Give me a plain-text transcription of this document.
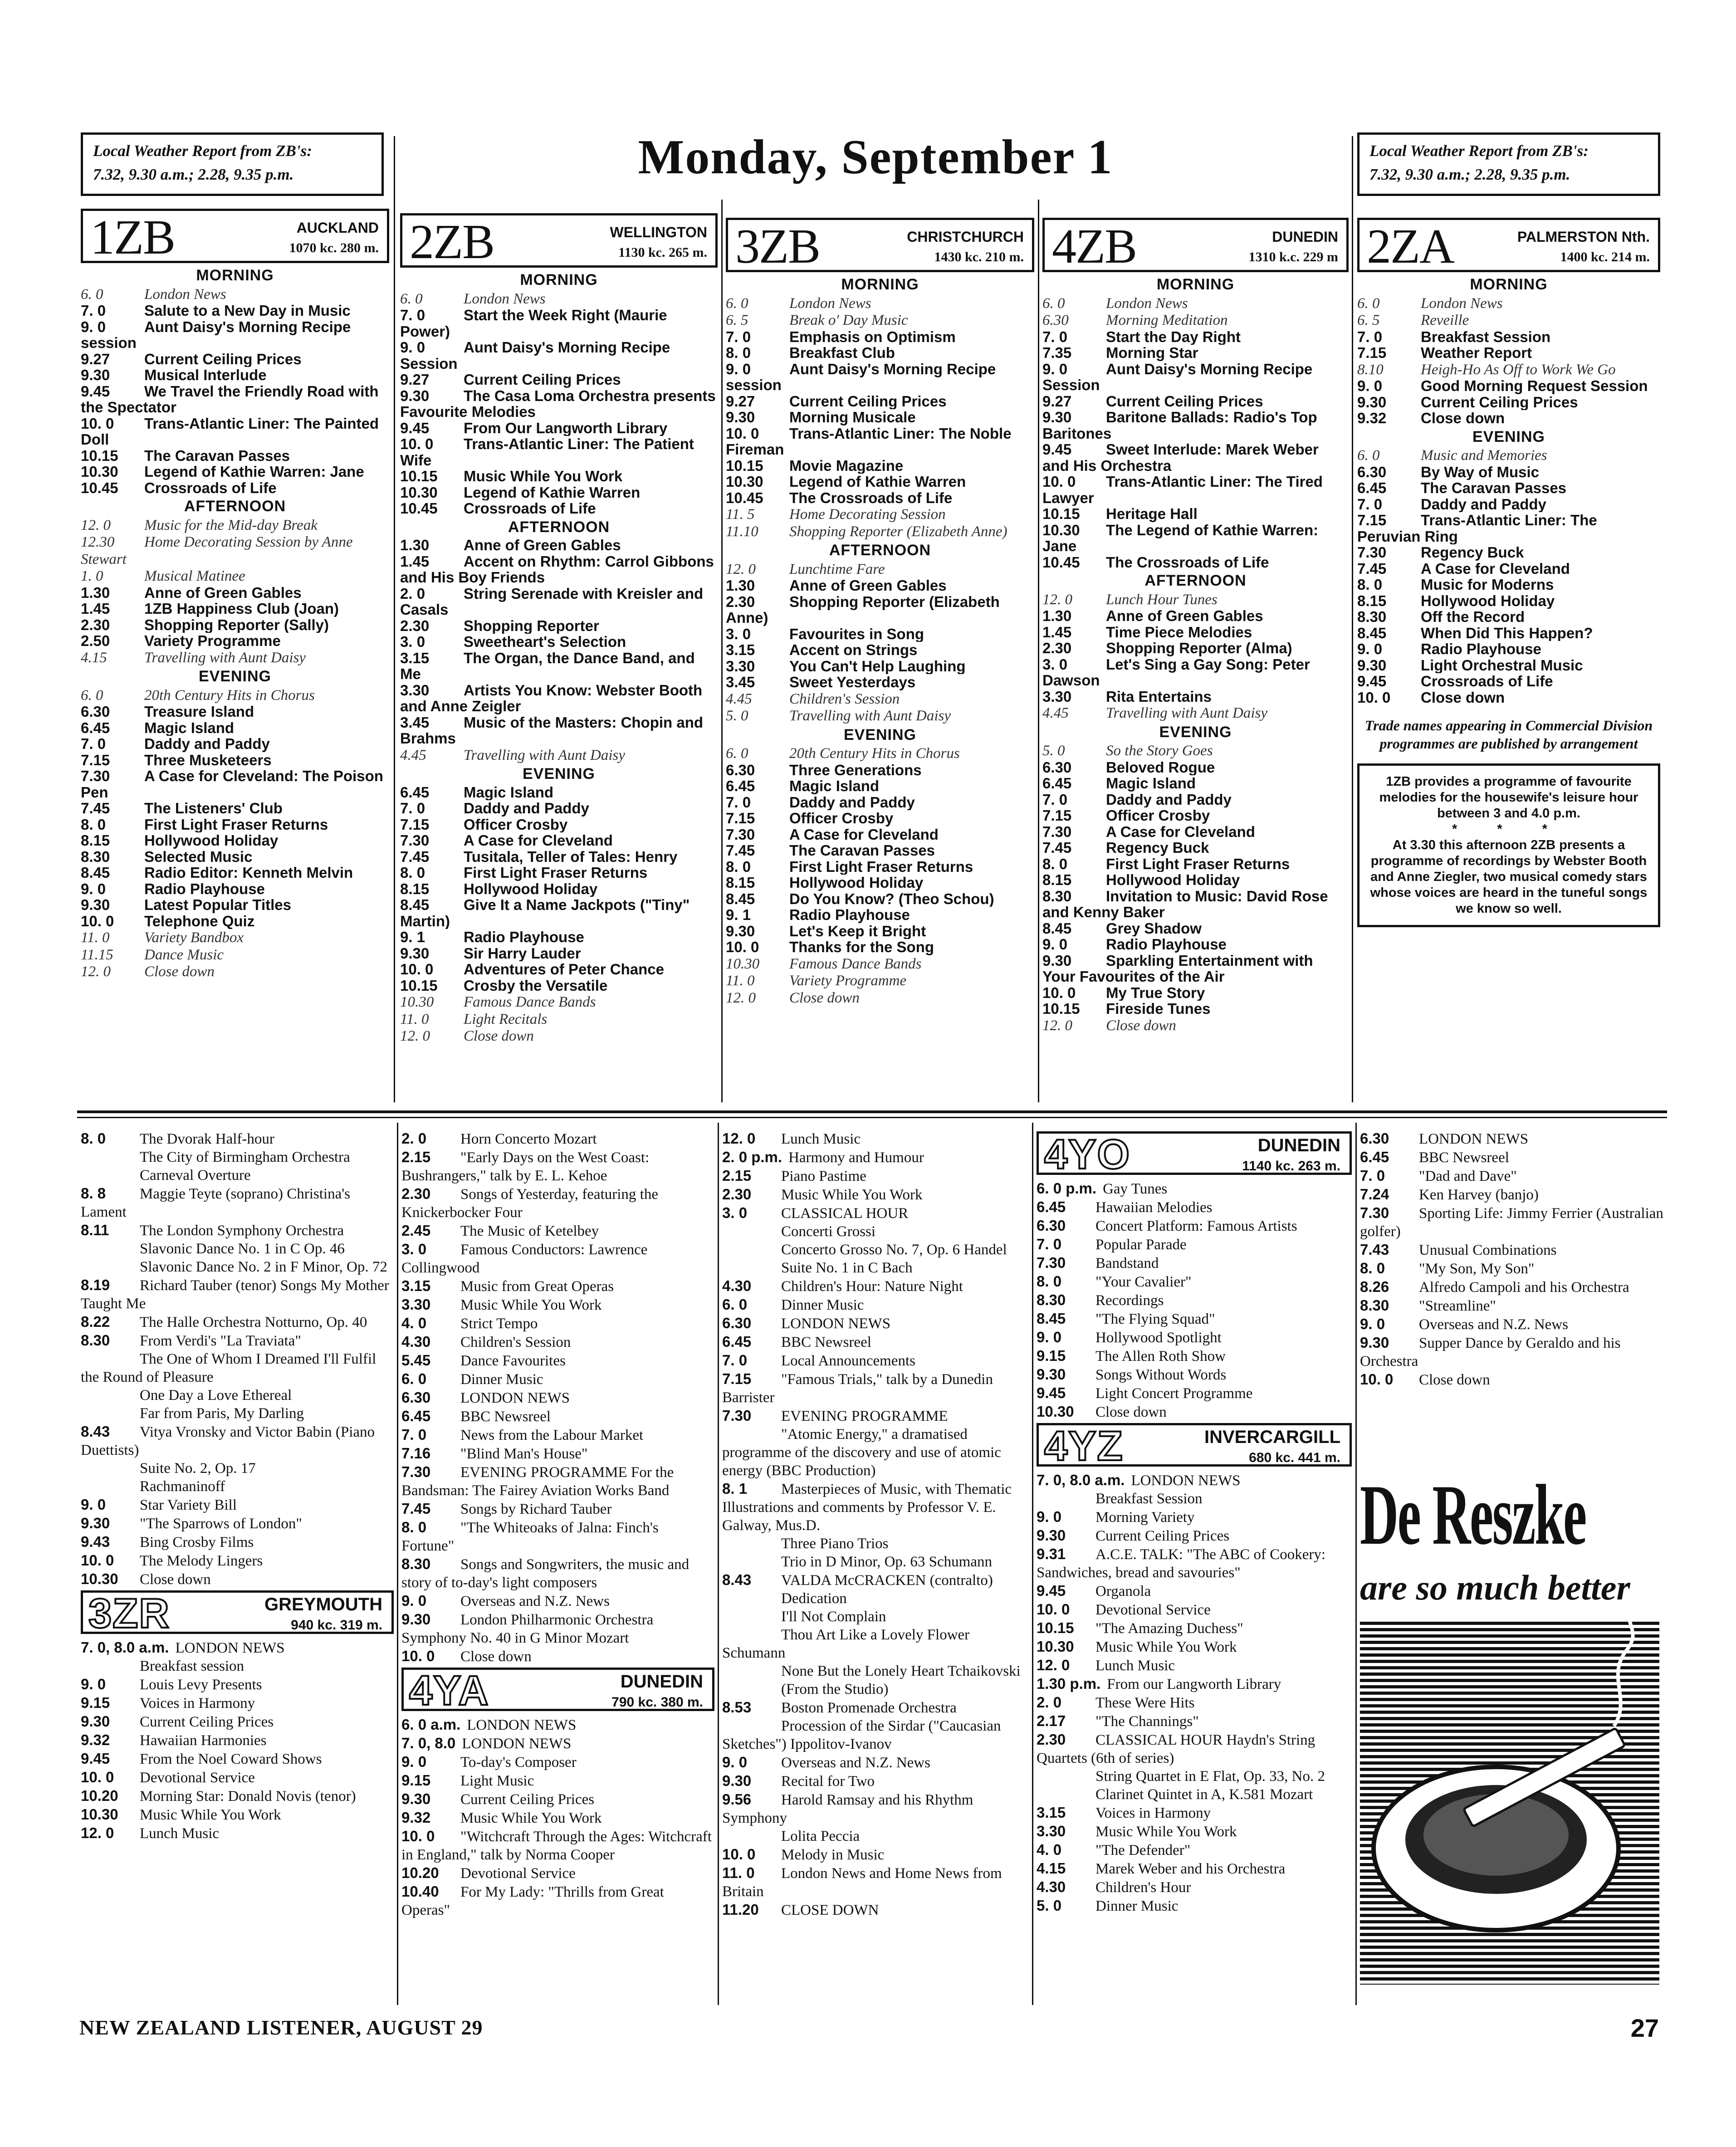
Local Weather Report from ZB's:
7.32, 9.30 a.m.; 2.28, 9.35 p.m.	Monday, September 1	Local Weather Report from ZB's:
7.32, 9.30 a.m.; 2.28, 9.35 p.m.
1ZB	AUCKLAND
1070 kc. 280 m.
MORNING
6. 0	London News
7. 0	Salute to a New Day in Music
9. 0	Aunt Daisy's Morning Recipe session
9.27 Current Ceiling Prices
9.30 Musical Interlude
9.45 We Travel the Friendly Road with the Spectator
10. 0 Trans-Atlantic Liner: The Painted Doll
10.15 The Caravan Passes
10.30 Legend of Kathie Warren: Jane
10.45 Crossroads of Life
AFTERNOON
12. 0 Music for the Mid-day Break
12.30 Home Decorating Session by Anne Stewart
1. 0	Musical Matinee
1.30 Anne of Green Gables
1.45 1ZB Happiness Club (Joan)
2.30 Shopping Reporter (Sally)
2.50 Variety Programme
4.15 Travelling with Aunt Daisy
EVENING
6. 0	20th Century Hits in Chorus
6.30 Treasure Island
6.45 Magic Island
7. 0	Daddy and Paddy
7.15 Three Musketeers
7.30 A Case for Cleveland: The Poison Pen
7.45 The Listeners' Club
8. 0	First Light Fraser Returns
8.15 Hollywood Holiday
8.30 Selected Music
8.45 Radio Editor: Kenneth Melvin
9. 0	Radio Playhouse
9.30 Latest Popular Titles
10. 0 Telephone Quiz
11. 0 Variety Bandbox
11.15 Dance Music
12. 0 Close down
2ZB	WELLINGTON
1130 kc. 265 m.
MORNING
6. 0	London News
7. 0	Start the Week Right (Maurie Power)
9. 0	Aunt Daisy's Morning Recipe Session
9.27 Current Ceiling Prices
9.30 The Casa Loma Orchestra presents Favourite Melodies
9.45 From Our Langworth Library
10. 0 Trans-Atlantic Liner: The Patient Wife
10.15 Music While You Work
10.30 Legend of Kathie Warren
10.45 Crossroads of Life
AFTERNOON
1.30 Anne of Green Gables
1.45 Accent on Rhythm: Carrol Gibbons and His Boy Friends
2. 0	String Serenade with Kreisler and Casals
2.30 Shopping Reporter
3. 0	Sweetheart's Selection
3.15 The Organ, the Dance Band, and Me
3.30 Artists You Know: Webster Booth and Anne Zeigler
3.45 Music of the Masters: Chopin and Brahms
4.45 Travelling with Aunt Daisy
EVENING
6.45 Magic Island
7. 0	Daddy and Paddy
7.15 Officer Crosby
7.30 A Case for Cleveland
7.45 Tusitala, Teller of Tales: Henry
8. 0	First Light Fraser Returns
8.15 Hollywood Holiday
8.45 Give It a Name Jackpots ("Tiny" Martin)
9. 1	Radio Playhouse
9.30 Sir Harry Lauder
10. 0 Adventures of Peter Chance
10.15 Crosby the Versatile
10.30 Famous Dance Bands
11. 0 Light Recitals
12. 0 Close down
3ZB	CHRISTCHURCH
1430 kc. 210 m.
MORNING
6. 0	London News
6. 5	Break o' Day Music
7. 0	Emphasis on Optimism
8. 0	Breakfast Club
9. 0	Aunt Daisy's Morning Recipe session
9.27 Current Ceiling Prices
9.30 Morning Musicale
10. 0 Trans-Atlantic Liner: The Noble Fireman
10.15 Movie Magazine
10.30 Legend of Kathie Warren
10.45 The Crossroads of Life
11. 5 Home Decorating Session
11.10 Shopping Reporter (Elizabeth Anne)
AFTERNOON
12. 0 Lunchtime Fare
1.30 Anne of Green Gables
2.30 Shopping Reporter (Elizabeth Anne)
3. 0	Favourites in Song
3.15 Accent on Strings
3.30 You Can't Help Laughing
3.45 Sweet Yesterdays
4.45 Children's Session
5. 0	Travelling with Aunt Daisy
EVENING
6. 0	20th Century Hits in Chorus
6.30 Three Generations
6.45 Magic Island
7. 0	Daddy and Paddy
7.15 Officer Crosby
7.30 A Case for Cleveland
7.45 The Caravan Passes
8. 0	First Light Fraser Returns
8.15 Hollywood Holiday
8.45 Do You Know? (Theo Schou)
9. 1	Radio Playhouse
9.30 Let's Keep it Bright
10. 0 Thanks for the Song
10.30 Famous Dance Bands
11. 0 Variety Programme
12. 0 Close down
4ZB	DUNEDIN
1310 k.c. 229 m
MORNING
6. 0	London News
6.30 Morning Meditation
7. 0	Start the Day Right
7.35 Morning Star
9. 0	Aunt Daisy's Morning Recipe Session
9.27 Current Ceiling Prices
9.30 Baritone Ballads: Radio's Top Baritones
9.45 Sweet Interlude: Marek Weber and His Orchestra
10. 0 Trans-Atlantic Liner: The Tired Lawyer
10.15 Heritage Hall
10.30 The Legend of Kathie Warren: Jane
10.45 The Crossroads of Life
AFTERNOON
12. 0 Lunch Hour Tunes
1.30 Anne of Green Gables
1.45 Time Piece Melodies
2.30 Shopping Reporter (Alma)
3. 0	Let's Sing a Gay Song: Peter Dawson
3.30 Rita Entertains
4.45 Travelling with Aunt Daisy
EVENING
5. 0	So the Story Goes
6.30 Beloved Rogue
6.45 Magic Island
7. 0	Daddy and Paddy
7.15 Officer Crosby
7.30 A Case for Cleveland
7.45 Regency Buck
8. 0	First Light Fraser Returns
8.15 Hollywood Holiday
8.30 Invitation to Music: David Rose and Kenny Baker
8.45 Grey Shadow
9. 0	Radio Playhouse
9.30 Sparkling Entertainment with Your Favourites of the Air
10. 0 My True Story
10.15 Fireside Tunes
12. 0 Close down
2ZA	PALMERSTON Nth.
1400 kc. 214 m.
MORNING
6. 0	London News
6. 5	Reveille
7. 0	Breakfast Session
7.15 Weather Report
8.10 Heigh-Ho As Off to Work We Go
9. 0	Good Morning Request Session
9.30 Current Ceiling Prices
9.32 Close down
EVENING
6. 0	Music and Memories
6.30 By Way of Music
6.45 The Caravan Passes
7. 0	Daddy and Paddy
7.15 Trans-Atlantic Liner: The Peruvian Ring
7.30 Regency Buck
7.45 A Case for Cleveland
8. 0	Music for Moderns
8.15 Hollywood Holiday
8.30 Off the Record
8.45 When Did This Happen?
9. 0	Radio Playhouse
9.30 Light Orchestral Music
9.45 Crossroads of Life
10. 0 Close down
Trade names appearing in Commercial Division programmes are published by arrangement
1ZB provides a programme of favourite melodies for the housewife's leisure hour between 3 and 4.0 p.m.
* * *
At 3.30 this afternoon 2ZB presents a programme of recordings by Webster Booth and Anne Ziegler, two musical comedy stars whose voices are heard in the tuneful songs we know so well.
8. 0 The Dvorak Half-hour
The City of Birmingham Orchestra
Carneval Overture
8. 8 Maggie Teyte (soprano) Christina's Lament
8.11 The London Symphony Orchestra
Slavonic Dance No. 1 in C Op. 46
Slavonic Dance No. 2 in F Minor, Op. 72
8.19 Richard Tauber (tenor) Songs My Mother Taught Me
8.22 The Halle Orchestra Notturno, Op. 40
8.30 From Verdi's "La Traviata"
The One of Whom I Dreamed I'll Fulfil the Round of Pleasure
One Day a Love Ethereal
Far from Paris, My Darling
8.43 Vitya Vronsky and Victor Babin (Piano Duettists)
Suite No. 2, Op. 17
Rachmaninoff
9. 0 Star Variety Bill
9.30 "The Sparrows of London"
9.43 Bing Crosby Films
10. 0 The Melody Lingers
10.30 Close down
3ZR	GREYMOUTH
940 kc. 319 m.
7. 0, 8.0 a.m. LONDON NEWS
Breakfast session
9. 0 Louis Levy Presents
9.15 Voices in Harmony
9.30 Current Ceiling Prices
9.32 Hawaiian Harmonies
9.45 From the Noel Coward Shows
10. 0 Devotional Service
10.20 Morning Star: Donald Novis (tenor)
10.30 Music While You Work
12. 0 Lunch Music
2. 0 Horn Concerto Mozart
2.15 "Early Days on the West Coast: Bushrangers," talk by E. L. Kehoe
2.30 Songs of Yesterday, featuring the Knickerbocker Four
2.45 The Music of Ketelbey
3. 0 Famous Conductors: Lawrence Collingwood
3.15 Music from Great Operas
3.30 Music While You Work
4. 0 Strict Tempo
4.30 Children's Session
5.45 Dance Favourites
6. 0 Dinner Music
6.30 LONDON NEWS
6.45 BBC Newsreel
7. 0 News from the Labour Market
7.16 "Blind Man's House"
7.30 EVENING PROGRAMME For the Bandsman: The Fairey Aviation Works Band
7.45 Songs by Richard Tauber
8. 0 "The Whiteoaks of Jalna: Finch's Fortune"
8.30 Songs and Songwriters, the music and story of to-day's light composers
9. 0 Overseas and N.Z. News
9.30 London Philharmonic Orchestra Symphony No. 40 in G Minor Mozart
10. 0 Close down
4YA	DUNEDIN
790 kc. 380 m.
6. 0 a.m. LONDON NEWS
7. 0, 8.0 LONDON NEWS
9. 0 To-day's Composer
9.15 Light Music
9.30 Current Ceiling Prices
9.32 Music While You Work
10. 0 "Witchcraft Through the Ages: Witchcraft in England," talk by Norma Cooper
10.20 Devotional Service
10.40 For My Lady: "Thrills from Great Operas"
12. 0 Lunch Music
2. 0 p.m. Harmony and Humour
2.15 Piano Pastime
2.30 Music While You Work
3. 0 CLASSICAL HOUR
Concerti Grossi
Concerto Grosso No. 7, Op. 6 Handel
Suite No. 1 in C Bach
4.30 Children's Hour: Nature Night
6. 0 Dinner Music
6.30 LONDON NEWS
6.45 BBC Newsreel
7. 0 Local Announcements
7.15 "Famous Trials," talk by a Dunedin Barrister
7.30 EVENING PROGRAMME
"Atomic Energy," a dramatised programme of the discovery and use of atomic energy (BBC Production)
8. 1 Masterpieces of Music, with Thematic Illustrations and comments by Professor V. E. Galway, Mus.D.
Three Piano Trios
Trio in D Minor, Op. 63 Schumann
8.43 VALDA McCRACKEN (contralto)
Dedication
I'll Not Complain
Thou Art Like a Lovely Flower Schumann
None But the Lonely Heart Tchaikovski
(From the Studio)
8.53 Boston Promenade Orchestra
Procession of the Sirdar ("Caucasian Sketches") Ippolitov-Ivanov
9. 0 Overseas and N.Z. News
9.30 Recital for Two
9.56 Harold Ramsay and his Rhythm Symphony
Lolita Peccia
10. 0 Melody in Music
11. 0 London News and Home News from Britain
11.20 CLOSE DOWN
4YO	DUNEDIN
1140 kc. 263 m.
6. 0 p.m. Gay Tunes
6.45 Hawaiian Melodies
6.30 Concert Platform: Famous Artists
7. 0 Popular Parade
7.30 Bandstand
8. 0 "Your Cavalier"
8.30 Recordings
8.45 "The Flying Squad"
9. 0 Hollywood Spotlight
9.15 The Allen Roth Show
9.30 Songs Without Words
9.45 Light Concert Programme
10.30 Close down
4YZ	INVERCARGILL
680 kc. 441 m.
7. 0, 8.0 a.m. LONDON NEWS
Breakfast Session
9. 0 Morning Variety
9.30 Current Ceiling Prices
9.31 A.C.E. TALK: "The ABC of Cookery: Sandwiches, bread and savouries"
9.45 Organola
10. 0 Devotional Service
10.15 "The Amazing Duchess"
10.30 Music While You Work
12. 0 Lunch Music
1.30 p.m. From our Langworth Library
2. 0 These Were Hits
2.17 "The Channings"
2.30 CLASSICAL HOUR Haydn's String Quartets (6th of series)
String Quartet in E Flat, Op. 33, No. 2
Clarinet Quintet in A, K.581 Mozart
3.15 Voices in Harmony
3.30 Music While You Work
4. 0 "The Defender"
4.15 Marek Weber and his Orchestra
4.30 Children's Hour
5. 0 Dinner Music
6.30 LONDON NEWS
6.45 BBC Newsreel
7. 0 "Dad and Dave"
7.24 Ken Harvey (banjo)
7.30 Sporting Life: Jimmy Ferrier (Australian golfer)
7.43 Unusual Combinations
8. 0 "My Son, My Son"
8.26 Alfredo Campoli and his Orchestra
8.30 "Streamline"
9. 0 Overseas and N.Z. News
9.30 Supper Dance by Geraldo and his Orchestra
10. 0 Close down
De Reszke
are so much better
NEW ZEALAND LISTENER, AUGUST 29	27
